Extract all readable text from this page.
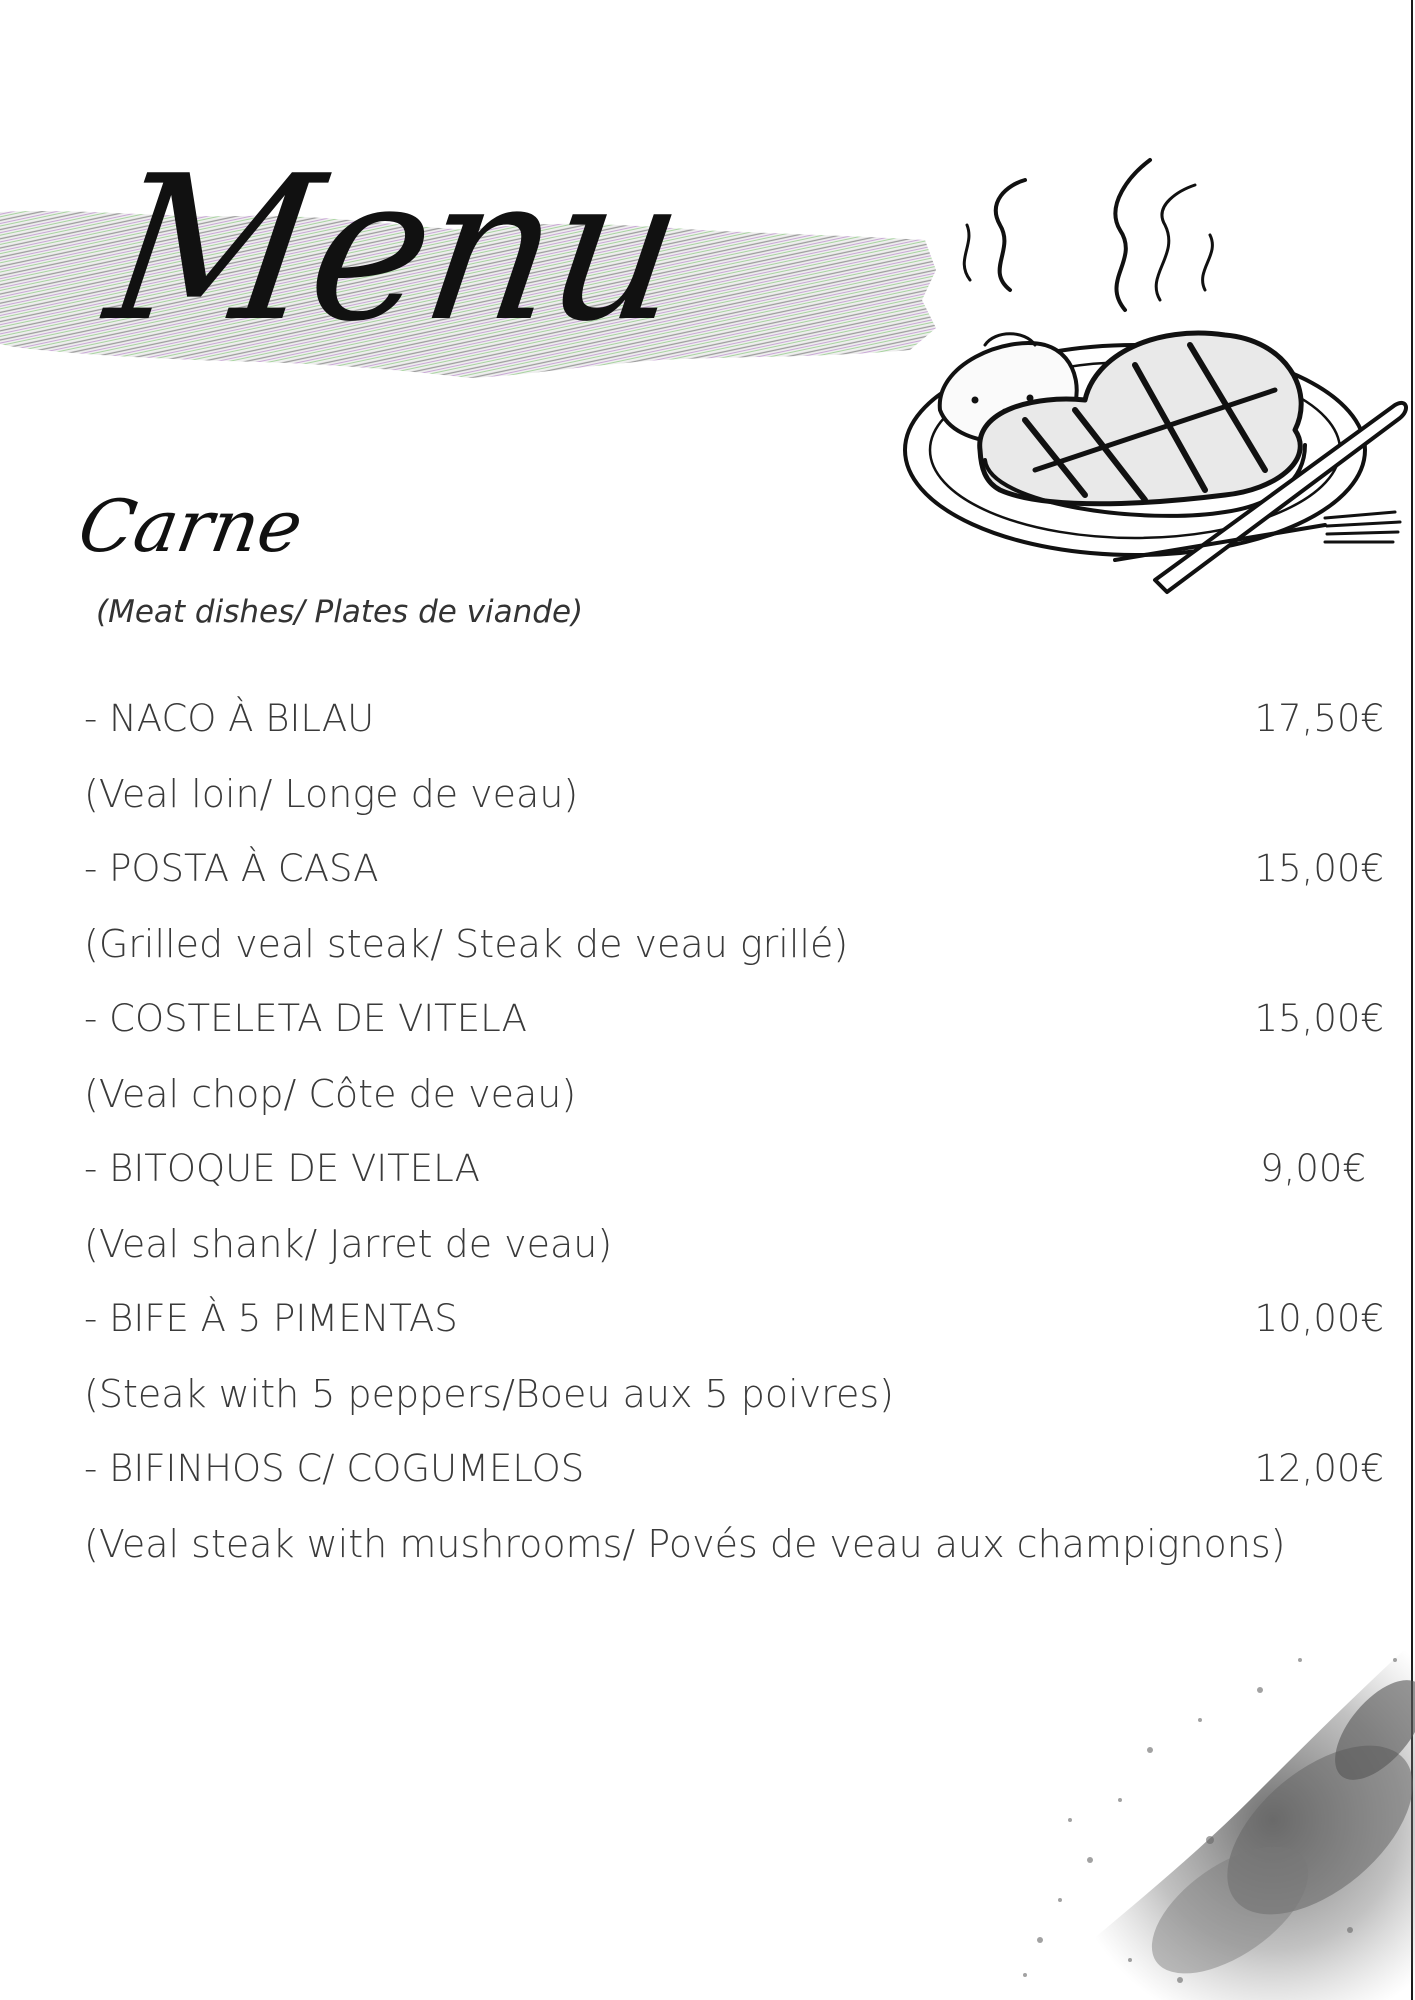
Menu
Carne
(Meat dishes/ Plates de viande)
- NACO À BILAU	17,50€
(Veal loin/ Longe de veau)
- POSTA À CASA	15,00€
(Grilled veal steak/ Steak de veau grillé)
- COSTELETA DE VITELA	15,00€
(Veal chop/ Côte de veau)
- BITOQUE DE VITELA	9,00€
(Veal shank/ Jarret de veau)
- BIFE À 5 PIMENTAS	10,00€
(Steak with 5 peppers/Boeu aux 5 poivres)
- BIFINHOS C/ COGUMELOS	12,00€
(Veal steak with mushrooms/ Povés de veau aux champignons)
